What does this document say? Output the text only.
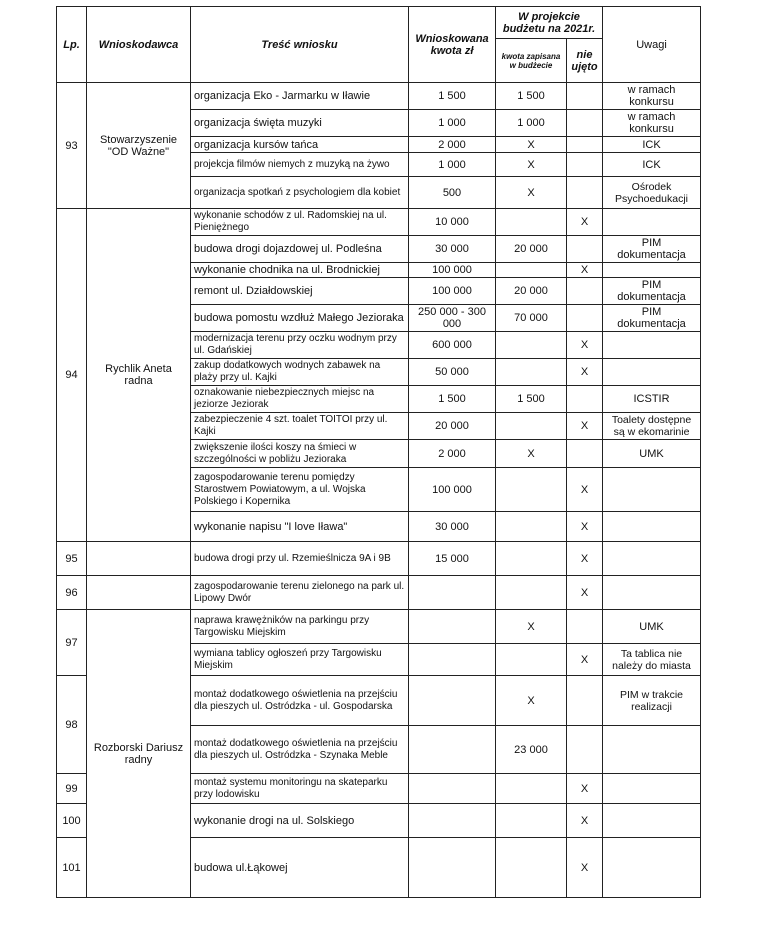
Lp.	Wnioskodawca	Treść wniosku	Wnioskowana kwota zł	W projekcie budżetu na 2021r.		Uwagi
				kwota zapisana w budżecie	nie ujęto	
93	Stowarzyszenie "OD Ważne"	organizacja Eko - Jarmarku w Iławie	1 500	1 500		w ramach konkursu
		organizacja święta muzyki	1 000	1 000		w ramach konkursu
		organizacja kursów tańca	2 000	X		ICK
		projekcja filmów niemych z muzyką na żywo	1 000	X		ICK
		organizacja spotkań z psychologiem dla kobiet	500	X		Ośrodek Psychoedukacji
94	Rychlik Aneta radna	wykonanie schodów z ul. Radomskiej na ul. Pieniężnego	10 000		X	
		budowa drogi dojazdowej ul. Podleśna	30 000	20 000		PIM dokumentacja
		wykonanie chodnika na ul. Brodnickiej	100 000		X	
		remont ul. Działdowskiej	100 000	20 000		PIM dokumentacja
		budowa pomostu wzdłuż Małego Jezioraka	250 000 - 300 000	70 000		PIM dokumentacja
		modernizacja terenu przy oczku wodnym przy ul. Gdańskiej	600 000		X	
		zakup dodatkowych wodnych zabawek na plaży przy ul. Kajki	50 000		X	
		oznakowanie niebezpiecznych miejsc na jeziorze Jeziorak	1 500	1 500		ICSTIR
		zabezpieczenie 4 szt. toalet TOITOI przy ul. Kajki	20 000		X	Toalety dostępne są w ekomarinie
		zwiększenie ilości koszy na śmieci w szczególności w pobliżu Jezioraka	2 000	X		UMK
		zagospodarowanie terenu pomiędzy Starostwem Powiatowym, a ul. Wojska Polskiego i Kopernika	100 000		X	
		wykonanie napisu "I love Iława"	30 000		X	
95		budowa drogi przy ul. Rzemieślnicza 9A i 9B	15 000		X	
96		zagospodarowanie terenu zielonego na park ul. Lipowy Dwór			X	
97	Rozborski Dariusz radny	naprawa krawężników na parkingu przy Targowisku Miejskim		X		UMK
		wymiana tablicy ogłoszeń przy Targowisku Miejskim			X	Ta tablica nie należy do miasta
98		montaż dodatkowego oświetlenia na przejściu dla pieszych ul. Ostródzka - ul. Gospodarska		X		PIM w trakcie realizacji
		montaż dodatkowego oświetlenia na przejściu dla pieszych ul. Ostródzka - Szynaka Meble		23 000		
99		montaż systemu monitoringu na skateparku przy lodowisku			X	
100		wykonanie drogi na ul. Solskiego			X	
101		budowa ul.Łąkowej			X	
